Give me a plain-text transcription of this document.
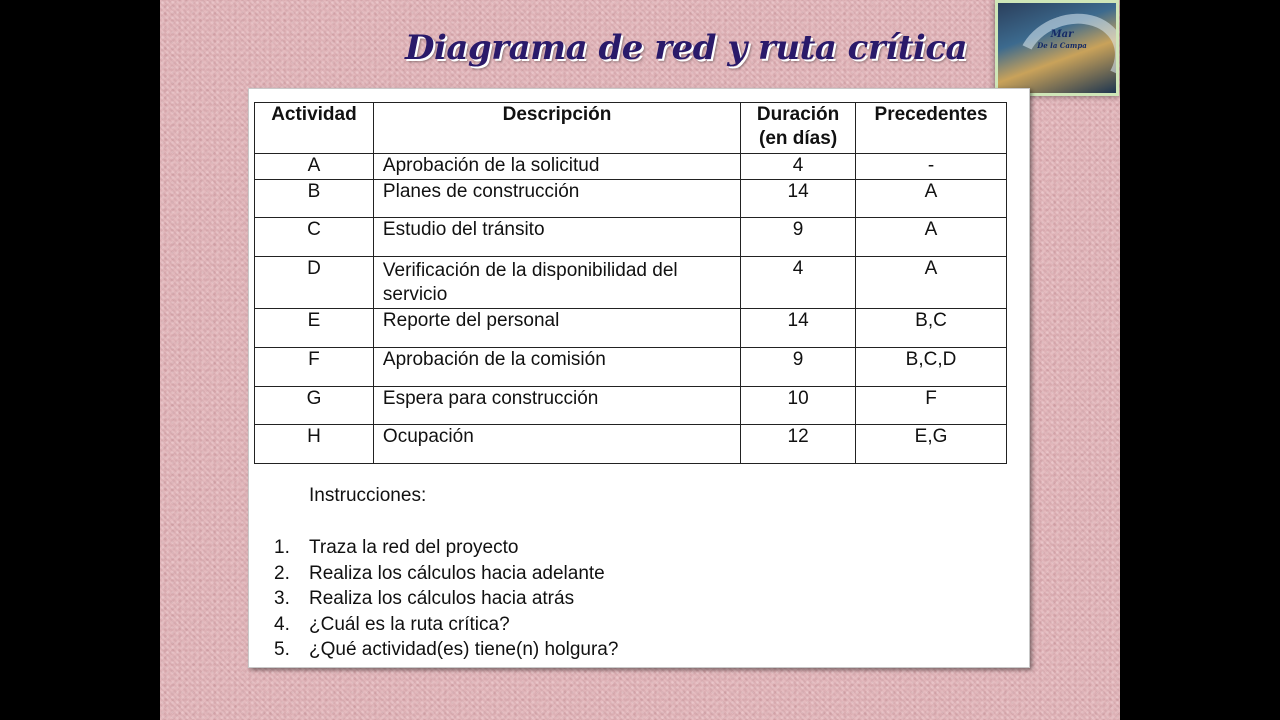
Diagrama de red y ruta crítica	Mar
De la Campa
Actividad	Descripción	Duración (en días)	Precedentes
A	Aprobación de la solicitud	4	-
B	Planes de construcción	14	A
C	Estudio del tránsito	9	A
D	Verificación de la disponibilidad del servicio	4	A
E	Reporte del personal	14	B,C
F	Aprobación de la comisión	9	B,C,D
G	Espera para construcción	10	F
H	Ocupación	12	E,G
Instrucciones:
1. Traza la red del proyecto
2. Realiza los cálculos hacia adelante
3. Realiza los cálculos hacia atrás
4. ¿Cuál es la ruta crítica?
5. ¿Qué actividad(es) tiene(n) holgura?
